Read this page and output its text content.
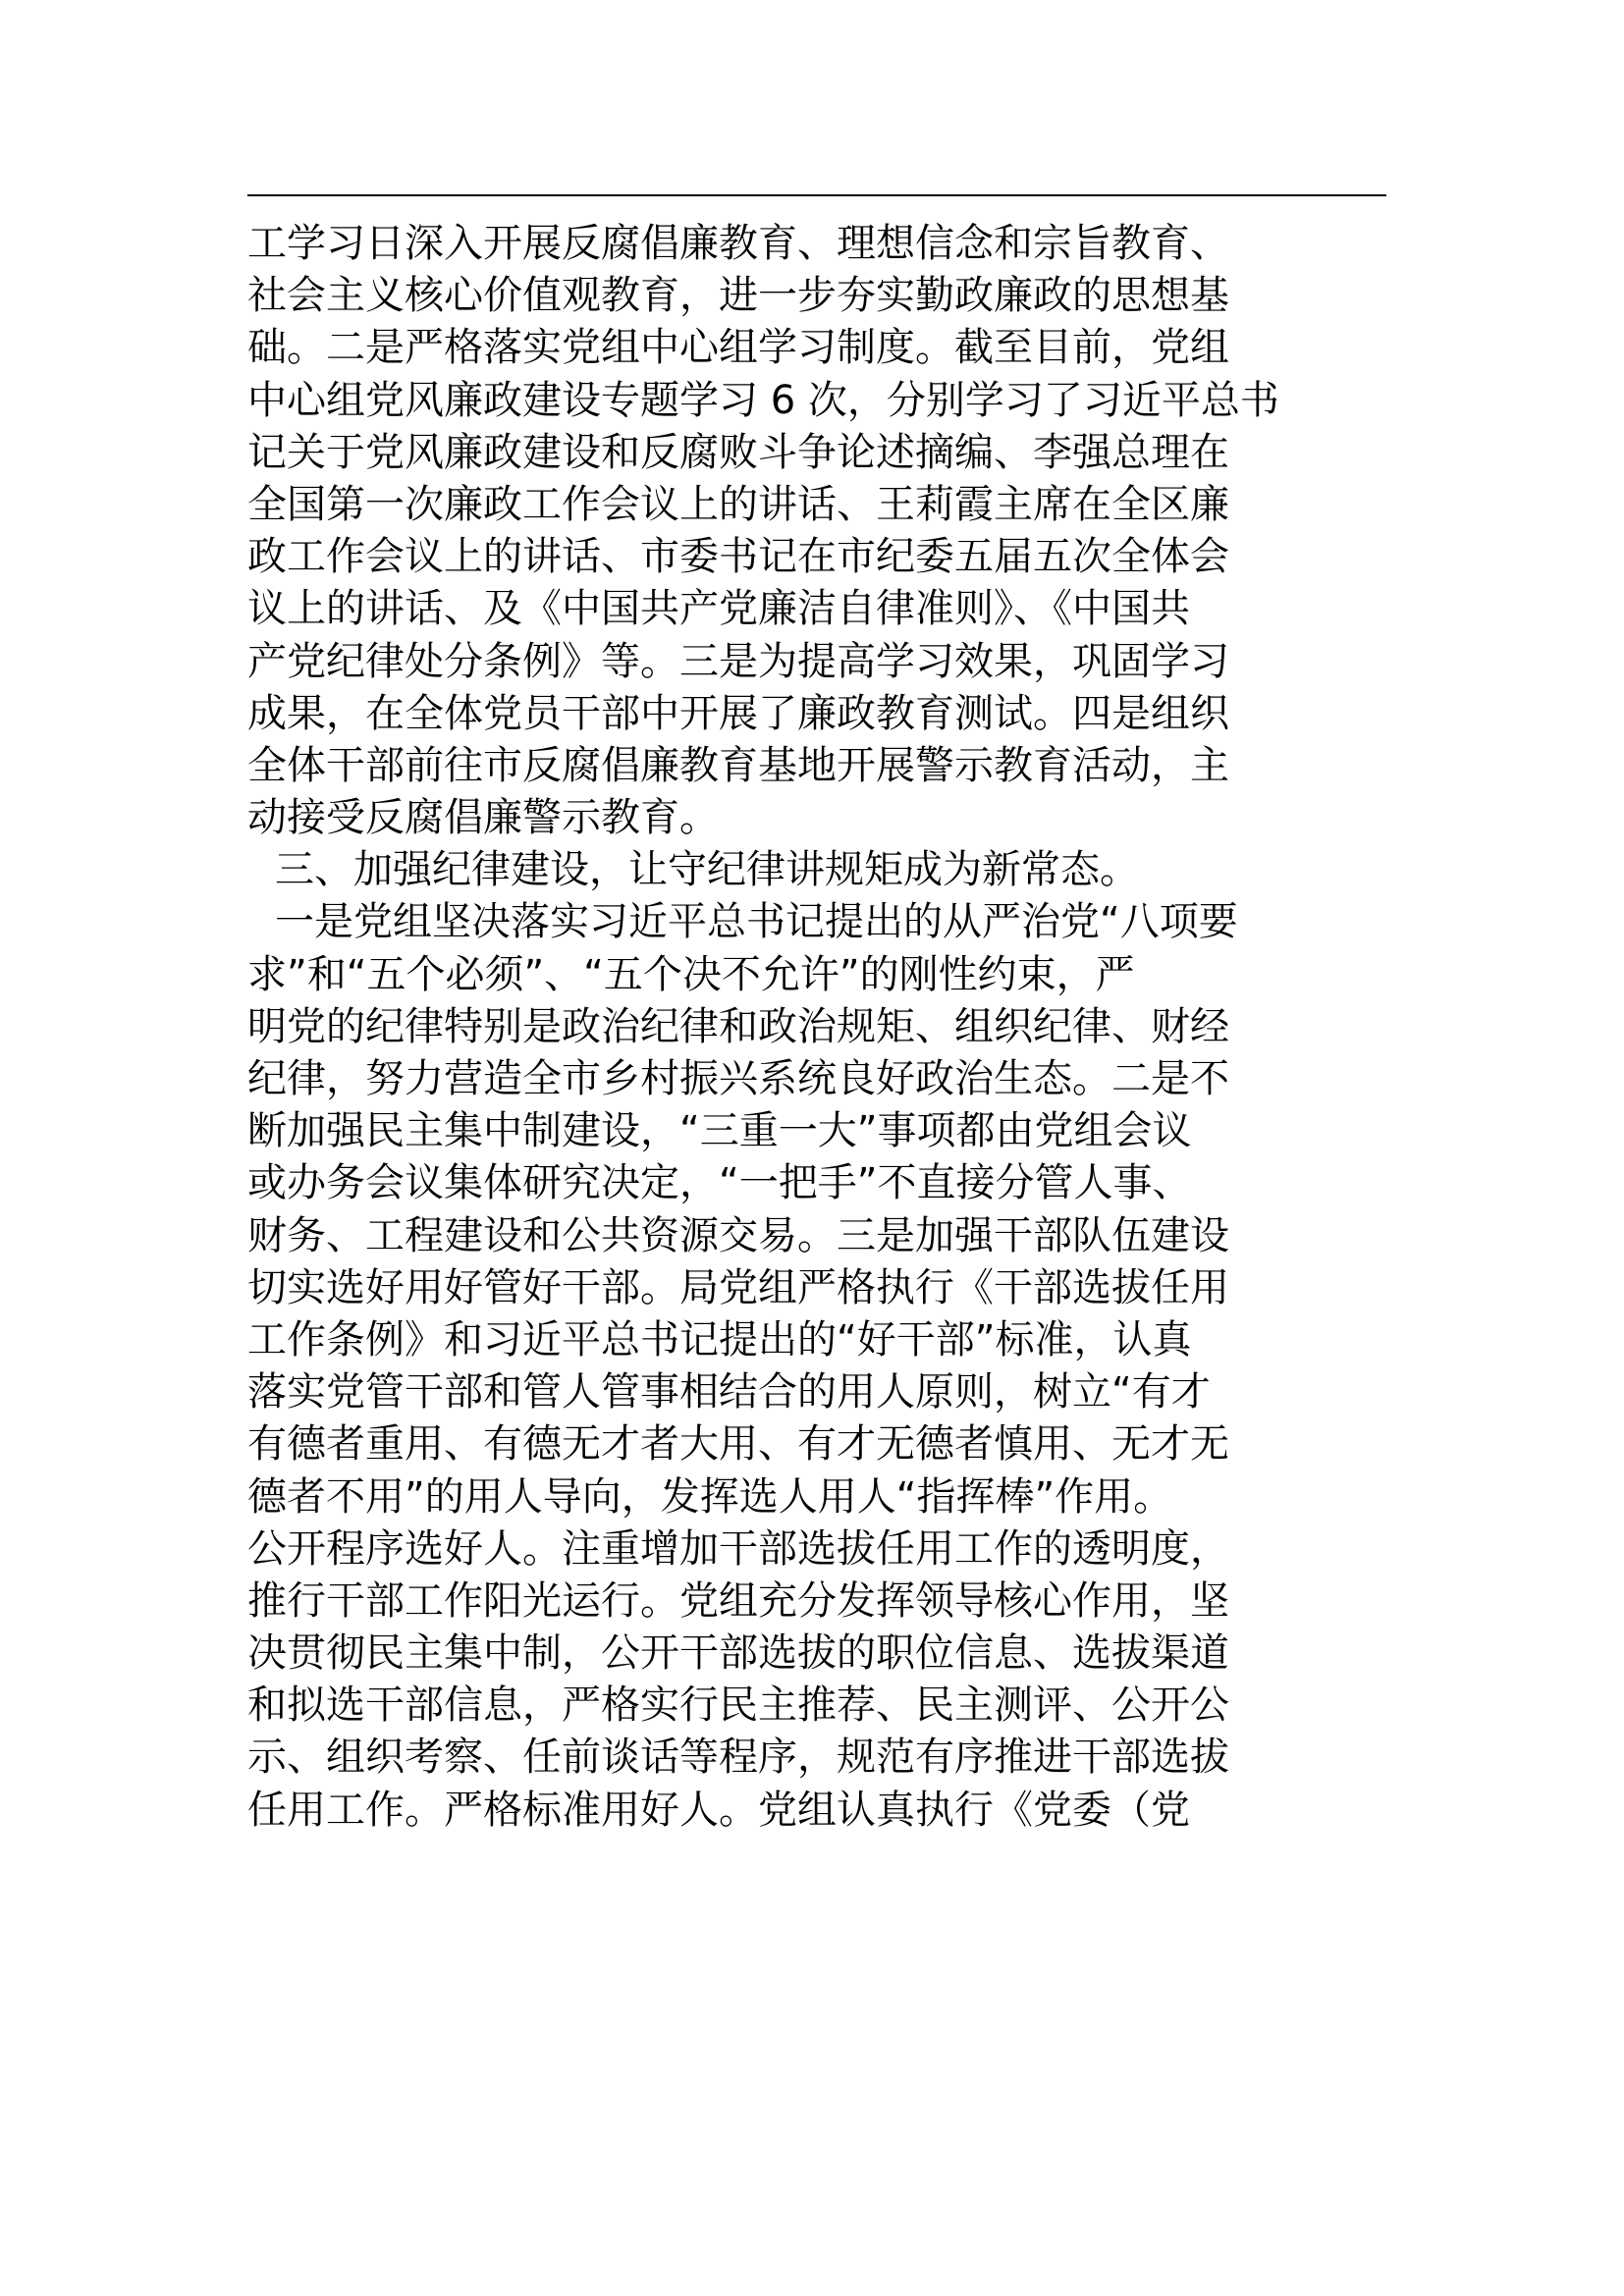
工学习日深入开展反腐倡廉教育、理想信念和宗旨教育、
社会主义核心价值观教育，进一步夯实勤政廉政的思想基
础。二是严格落实党组中心组学习制度。截至目前，党组
中心组党风廉政建设专题学习 6 次，分别学习了习近平总书
记关于党风廉政建设和反腐败斗争论述摘编、李强总理在
全国第一次廉政工作会议上的讲话、王莉霞主席在全区廉
政工作会议上的讲话、市委书记在市纪委五届五次全体会
议上的讲话、及《中国共产党廉洁自律准则》、《中国共
产党纪律处分条例》等。三是为提高学习效果，巩固学习
成果，在全体党员干部中开展了廉政教育测试。四是组织
全体干部前往市反腐倡廉教育基地开展警示教育活动，主
动接受反腐倡廉警示教育。
三、加强纪律建设，让守纪律讲规矩成为新常态。
一是党组坚决落实习近平总书记提出的从严治党“八项要
求”和“五个必须”、“五个决不允许”的刚性约束，严
明党的纪律特别是政治纪律和政治规矩、组织纪律、财经
纪律，努力营造全市乡村振兴系统良好政治生态。二是不
断加强民主集中制建设，“三重一大”事项都由党组会议
或办务会议集体研究决定，“一把手”不直接分管人事、
财务、工程建设和公共资源交易。三是加强干部队伍建设
切实选好用好管好干部。局党组严格执行《干部选拔任用
工作条例》和习近平总书记提出的“好干部”标准，认真
落实党管干部和管人管事相结合的用人原则，树立“有才
有德者重用、有德无才者大用、有才无德者慎用、无才无
德者不用”的用人导向，发挥选人用人“指挥棒”作用。
公开程序选好人。注重增加干部选拔任用工作的透明度，
推行干部工作阳光运行。党组充分发挥领导核心作用，坚
决贯彻民主集中制，公开干部选拔的职位信息、选拔渠道
和拟选干部信息，严格实行民主推荐、民主测评、公开公
示、组织考察、任前谈话等程序，规范有序推进干部选拔
任用工作。严格标准用好人。党组认真执行《党委（党
